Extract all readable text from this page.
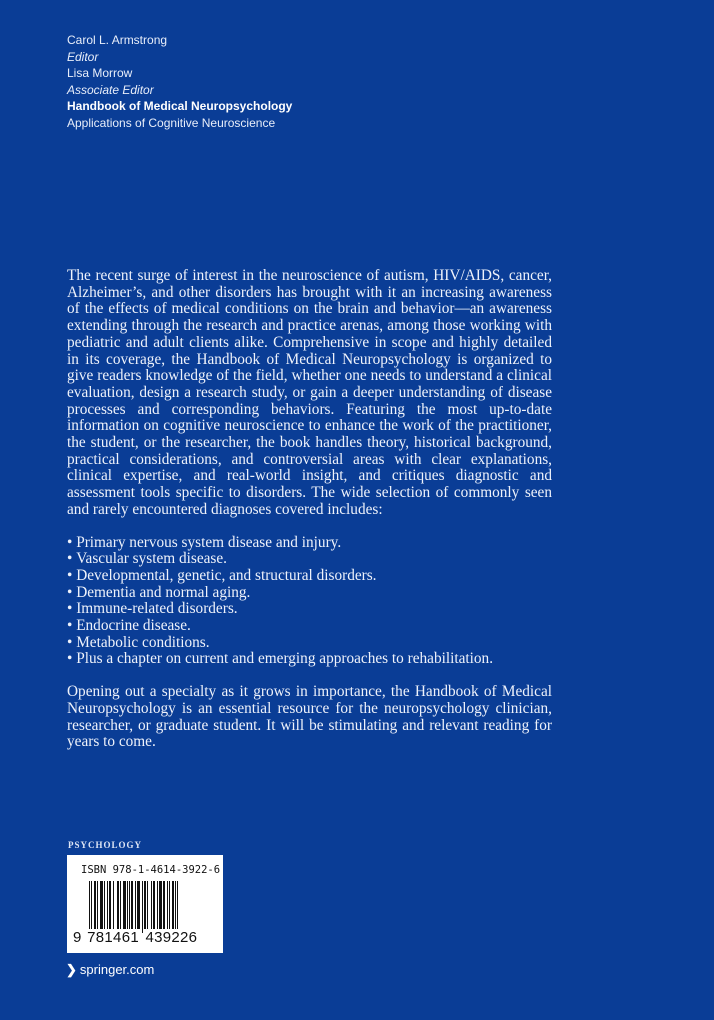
Carol L. Armstrong
Editor
Lisa Morrow
Associate Editor
Handbook of Medical Neuropsychology
Applications of Cognitive Neuroscience

The recent surge of interest in the neuroscience of autism, HIV/AIDS, cancer, Alzheimer’s, and other disorders has brought with it an increasing awareness of the effects of medical conditions on the brain and behavior—an awareness extending through the research and practice arenas, among those working with pediatric and adult clients alike. Comprehensive in scope and highly detailed in its coverage, the Handbook of Medical Neuropsychology is organized to give readers knowledge of the field, whether one needs to understand a clinical evaluation, design a research study, or gain a deeper understanding of disease processes and corresponding behaviors. Featuring the most up-to-date information on cognitive neuroscience to enhance the work of the practitioner, the student, or the researcher, the book handles theory, historical background, practical considerations, and controversial areas with clear explanations, clinical expertise, and real-world insight, and critiques diagnostic and assessment tools specific to disorders. The wide selection of commonly seen and rarely encountered diagnoses covered includes:

• Primary nervous system disease and injury.
• Vascular system disease.
• Developmental, genetic, and structural disorders.
• Dementia and normal aging.
• Immune-related disorders.
• Endocrine disease.
• Metabolic conditions.
• Plus a chapter on current and emerging approaches to rehabilitation.

Opening out a specialty as it grows in importance, the Handbook of Medical Neuropsychology is an essential resource for the neuropsychology clinician, researcher, or graduate student. It will be stimulating and relevant reading for years to come.

PSYCHOLOGY
ISBN 978-1-4614-3922-6
9 781461 439226
❯ springer.com
